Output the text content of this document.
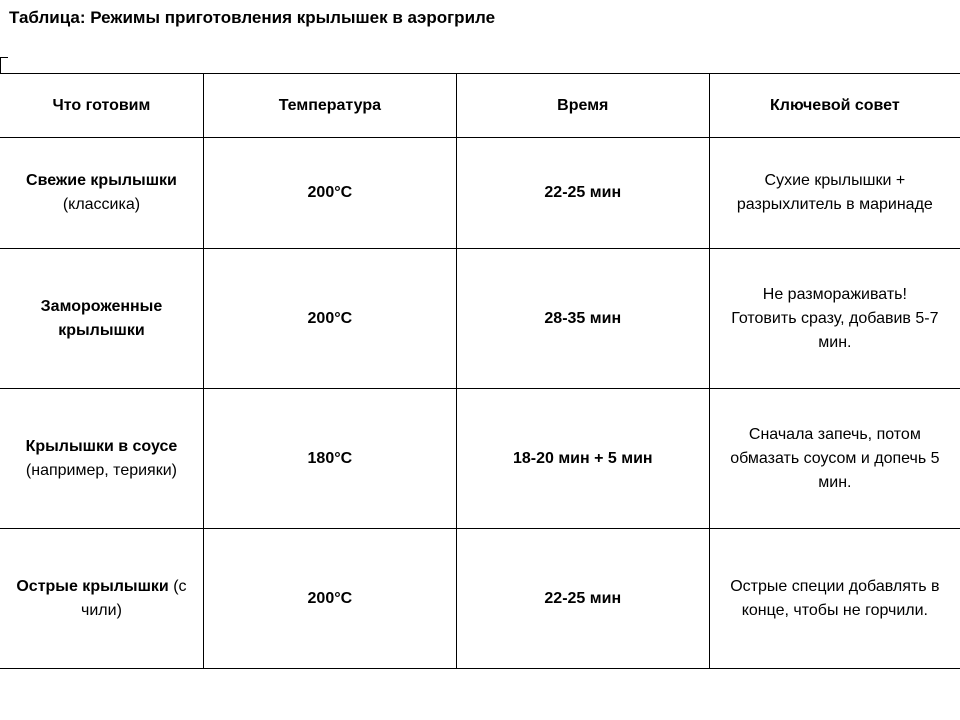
Таблица: Режимы приготовления крылышек в аэрогриле
Что готовим	Температура	Время	Ключевой совет
Свежие крылышки (классика)	200°C	22-25 мин	Сухие крылышки + разрыхлитель в маринаде
Замороженные крылышки	200°C	28-35 мин	Не размораживать! Готовить сразу, добавив 5-7 мин.
Крылышки в соусе (например, терияки)	180°C	18-20 мин + 5 мин	Сначала запечь, потом обмазать соусом и допечь 5 мин.
Острые крылышки (с чили)	200°C	22-25 мин	Острые специи добавлять в конце, чтобы не горчили.
